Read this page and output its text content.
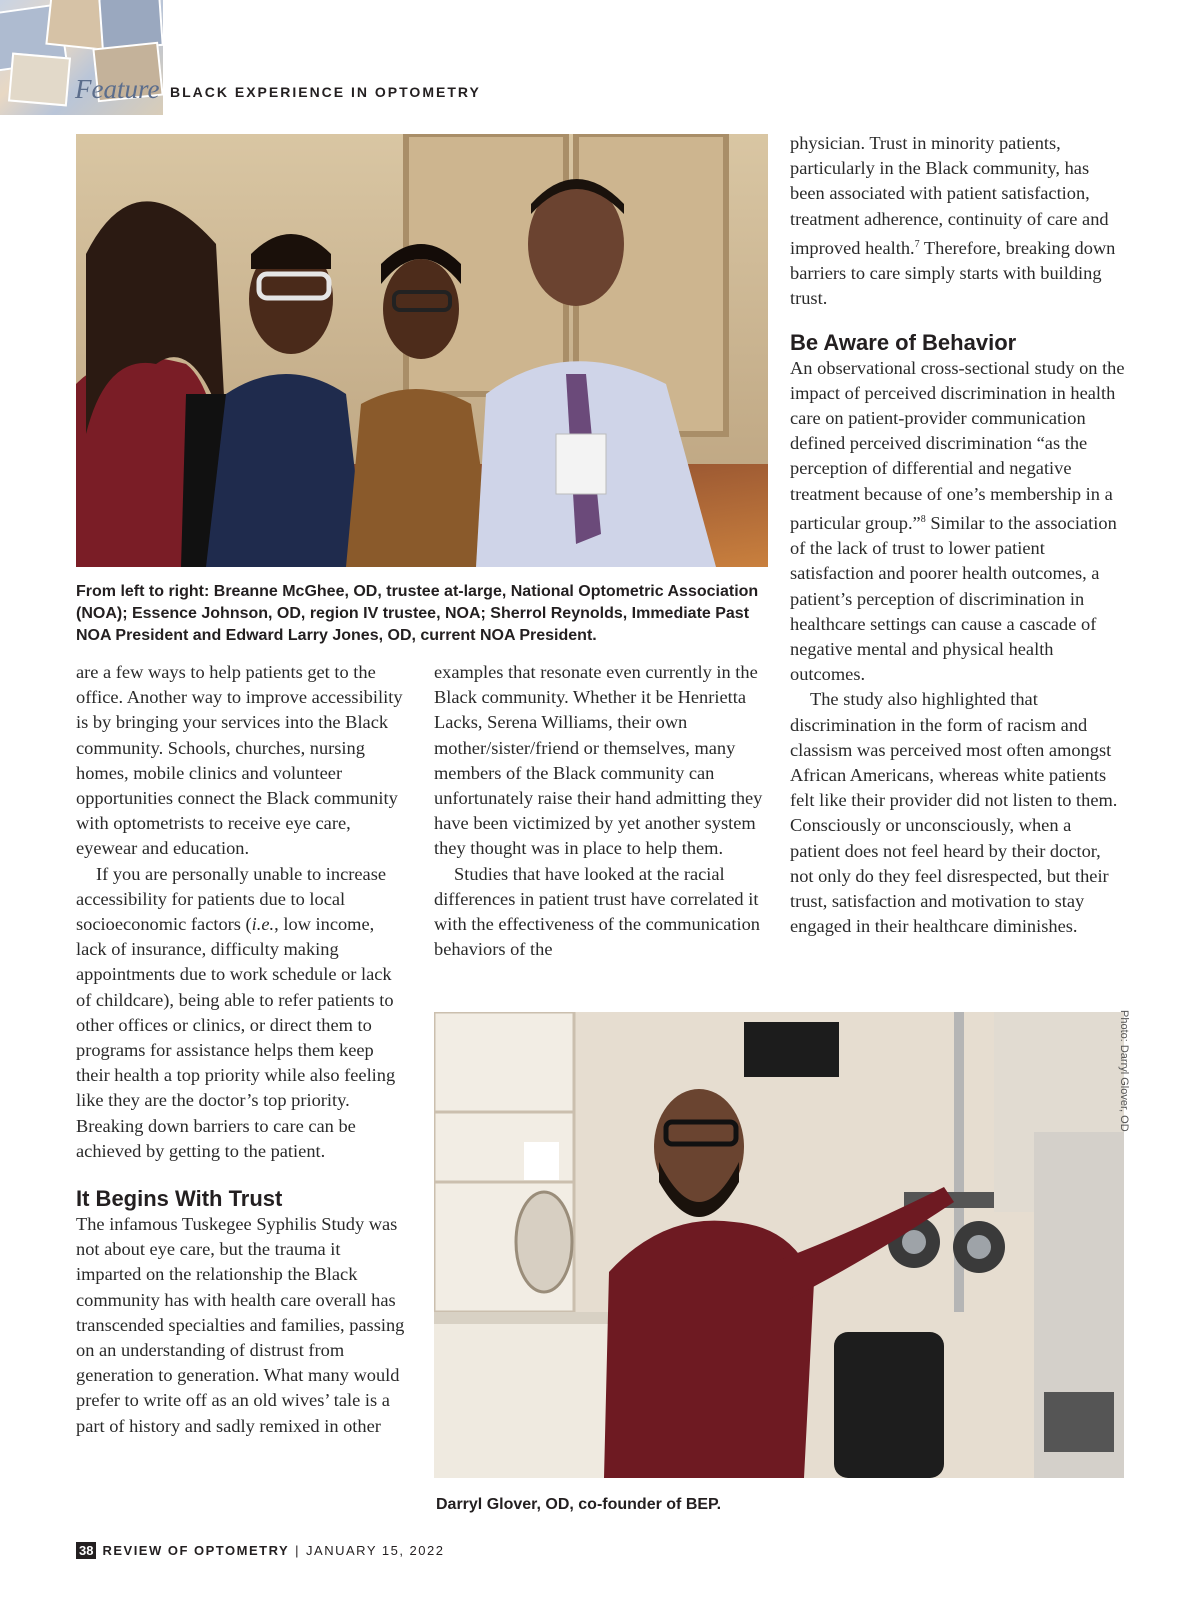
Feature BLACK EXPERIENCE IN OPTOMETRY
From left to right: Breanne McGhee, OD, trustee at-large, National Optometric Association (NOA); Essence Johnson, OD, region IV trustee, NOA; Sherrol Reynolds, Immediate Past NOA President and Edward Larry Jones, OD, current NOA President.

are a few ways to help patients get to the office. Another way to improve accessibility is by bringing your services into the Black community. Schools, churches, nursing homes, mobile clinics and volunteer opportunities connect the Black community with optometrists to receive eye care, eyewear and education.

If you are personally unable to increase accessibility for patients due to local socioeconomic factors (i.e., low income, lack of insurance, difficulty making appointments due to work schedule or lack of childcare), being able to refer patients to other offices or clinics, or direct them to programs for assistance helps them keep their health a top priority while also feeling like they are the doctor’s top priority. Breaking down barriers to care can be achieved by getting to the patient.

It Begins With Trust

The infamous Tuskegee Syphilis Study was not about eye care, but the trauma it imparted on the relationship the Black community has with health care overall has transcended specialties and families, passing on an understanding of distrust from generation to generation. What many would prefer to write off as an old wives’ tale is a part of history and sadly remixed in other

examples that resonate even currently in the Black community. Whether it be Henrietta Lacks, Serena Williams, their own mother/sister/friend or themselves, many members of the Black community can unfortunately raise their hand admitting they have been victimized by yet another system they thought was in place to help them.

Studies that have looked at the racial differences in patient trust have correlated it with the effectiveness of the communication behaviors of the

physician. Trust in minority patients, particularly in the Black community, has been associated with patient satisfaction, treatment adherence, continuity of care and improved health.$^7$ Therefore, breaking down barriers to care simply starts with building trust.

Be Aware of Behavior

An observational cross-sectional study on the impact of perceived discrimination in health care on patient-provider communication defined perceived discrimination “as the perception of differential and negative treatment because of one’s membership in a particular group.”$^8$ Similar to the association of the lack of trust to lower patient satisfaction and poorer health outcomes, a patient’s perception of discrimination in healthcare settings can cause a cascade of negative mental and physical health outcomes.

The study also highlighted that discrimination in the form of racism and classism was perceived most often amongst African Americans, whereas white patients felt like their provider did not listen to them. Consciously or unconsciously, when a patient does not feel heard by their doctor, not only do they feel disrespected, but their trust, satisfaction and motivation to stay engaged in their healthcare diminishes.

Darryl Glover, OD, co-founder of BEP.
Photo: Darryl Glover, OD
38 REVIEW OF OPTOMETRY | JANUARY 15, 2022
